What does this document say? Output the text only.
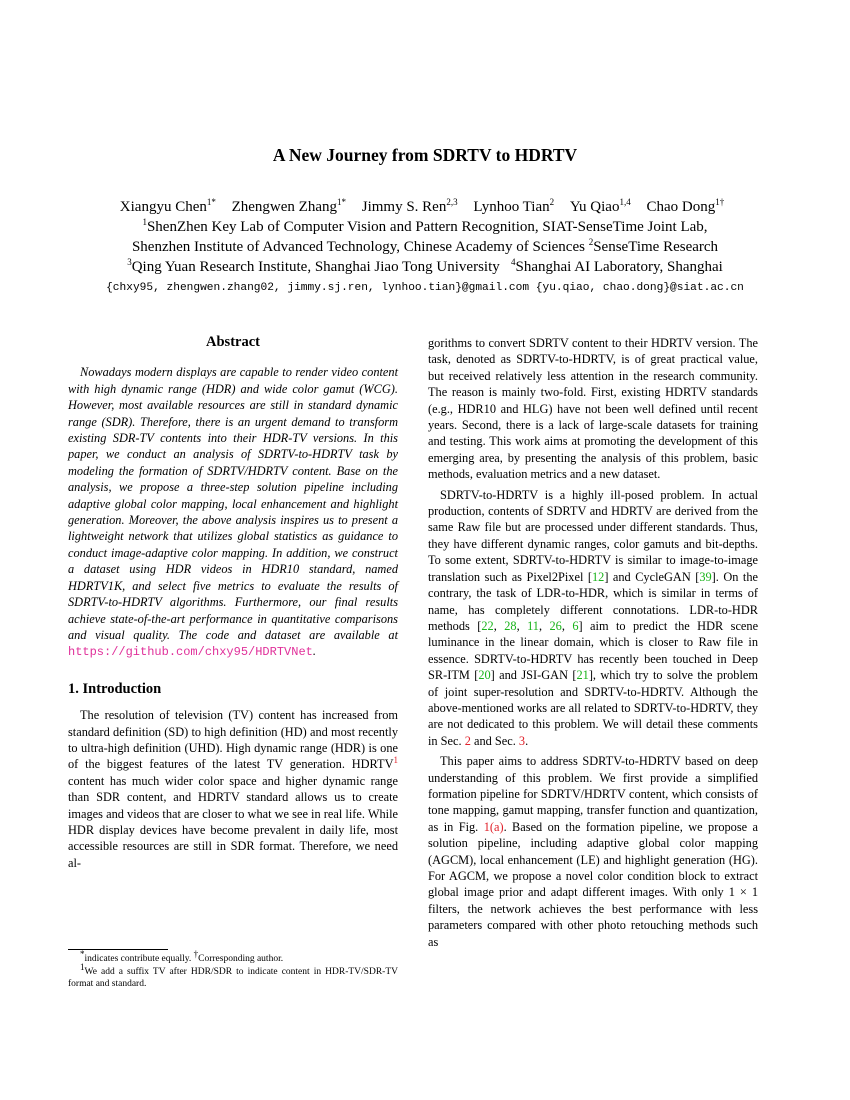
A New Journey from SDRTV to HDRTV
Xiangyu Chen$^{1*}$ Zhengwen Zhang$^{1*}$ Jimmy S. Ren$^{2,3}$ Lynhoo Tian$^2$ Yu Qiao$^{1,4}$ Chao Dong$^{1\dagger}$
$^1$ShenZhen Key Lab of Computer Vision and Pattern Recognition, SIAT-SenseTime Joint Lab,
Shenzhen Institute of Advanced Technology, Chinese Academy of Sciences $^2$SenseTime Research
$^3$Qing Yuan Research Institute, Shanghai Jiao Tong University $^4$Shanghai AI Laboratory, Shanghai
{chxy95, zhengwen.zhang02, jimmy.sj.ren, lynhoo.tian}@gmail.com {yu.qiao, chao.dong}@siat.ac.cn
Abstract

Nowadays modern displays are capable to render video content with high dynamic range (HDR) and wide color gamut (WCG). However, most available resources are still in standard dynamic range (SDR). Therefore, there is an urgent demand to transform existing SDR-TV contents into their HDR-TV versions. In this paper, we conduct an analysis of SDRTV-to-HDRTV task by modeling the formation of SDRTV/HDRTV content. Base on the analysis, we propose a three-step solution pipeline including adaptive global color mapping, local enhancement and highlight generation. Moreover, the above analysis inspires us to present a lightweight network that utilizes global statistics as guidance to conduct image-adaptive color mapping. In addition, we construct a dataset using HDR videos in HDR10 standard, named HDRTV1K, and select five metrics to evaluate the results of SDRTV-to-HDRTV algorithms. Furthermore, our final results achieve state-of-the-art performance in quantitative comparisons and visual quality. The code and dataset are available at https://github.com/chxy95/HDRTVNet.

1. Introduction

The resolution of television (TV) content has increased from standard definition (SD) to high definition (HD) and most recently to ultra-high definition (UHD). High dynamic range (HDR) is one of the biggest features of the latest TV generation. HDRTV$^1$ content has much wider color space and higher dynamic range than SDR content, and HDRTV standard allows us to create images and videos that are closer to what we see in real life. While HDR display devices have become prevalent in daily life, most accessible resources are still in SDR format. Therefore, we need al-

gorithms to convert SDRTV content to their HDRTV version. The task, denoted as SDRTV-to-HDRTV, is of great practical value, but received relatively less attention in the research community. The reason is mainly two-fold. First, existing HDRTV standards (e.g., HDR10 and HLG) have not been well defined until recent years. Second, there is a lack of large-scale datasets for training and testing. This work aims at promoting the development of this emerging area, by presenting the analysis of this problem, basic methods, evaluation metrics and a new dataset.

SDRTV-to-HDRTV is a highly ill-posed problem. In actual production, contents of SDRTV and HDRTV are derived from the same Raw file but are processed under different standards. Thus, they have different dynamic ranges, color gamuts and bit-depths. To some extent, SDRTV-to-HDRTV is similar to image-to-image translation such as Pixel2Pixel [12] and CycleGAN [39]. On the contrary, the task of LDR-to-HDR, which is similar in terms of name, has completely different connotations. LDR-to-HDR methods [22, 28, 11, 26, 6] aim to predict the HDR scene luminance in the linear domain, which is closer to Raw file in essence. SDRTV-to-HDRTV has recently been touched in Deep SR-ITM [20] and JSI-GAN [21], which try to solve the problem of joint super-resolution and SDRTV-to-HDRTV. Although the above-mentioned works are all related to SDRTV-to-HDRTV, they are not dedicated to this problem. We will detail these comments in Sec. 2 and Sec. 3.

This paper aims to address SDRTV-to-HDRTV based on deep understanding of this problem. We first provide a simplified formation pipeline for SDRTV/HDRTV content, which consists of tone mapping, gamut mapping, transfer function and quantization, as in Fig. 1(a). Based on the formation pipeline, we propose a solution pipeline, including adaptive global color mapping (AGCM), local enhancement (LE) and highlight generation (HG). For AGCM, we propose a novel color condition block to extract global image prior and adapt different images. With only 1 × 1 filters, the network achieves the best performance with less parameters compared with other photo retouching methods such as

*indicates contribute equally. †Corresponding author.

$^1$We add a suffix TV after HDR/SDR to indicate content in HDR-TV/SDR-TV format and standard.
